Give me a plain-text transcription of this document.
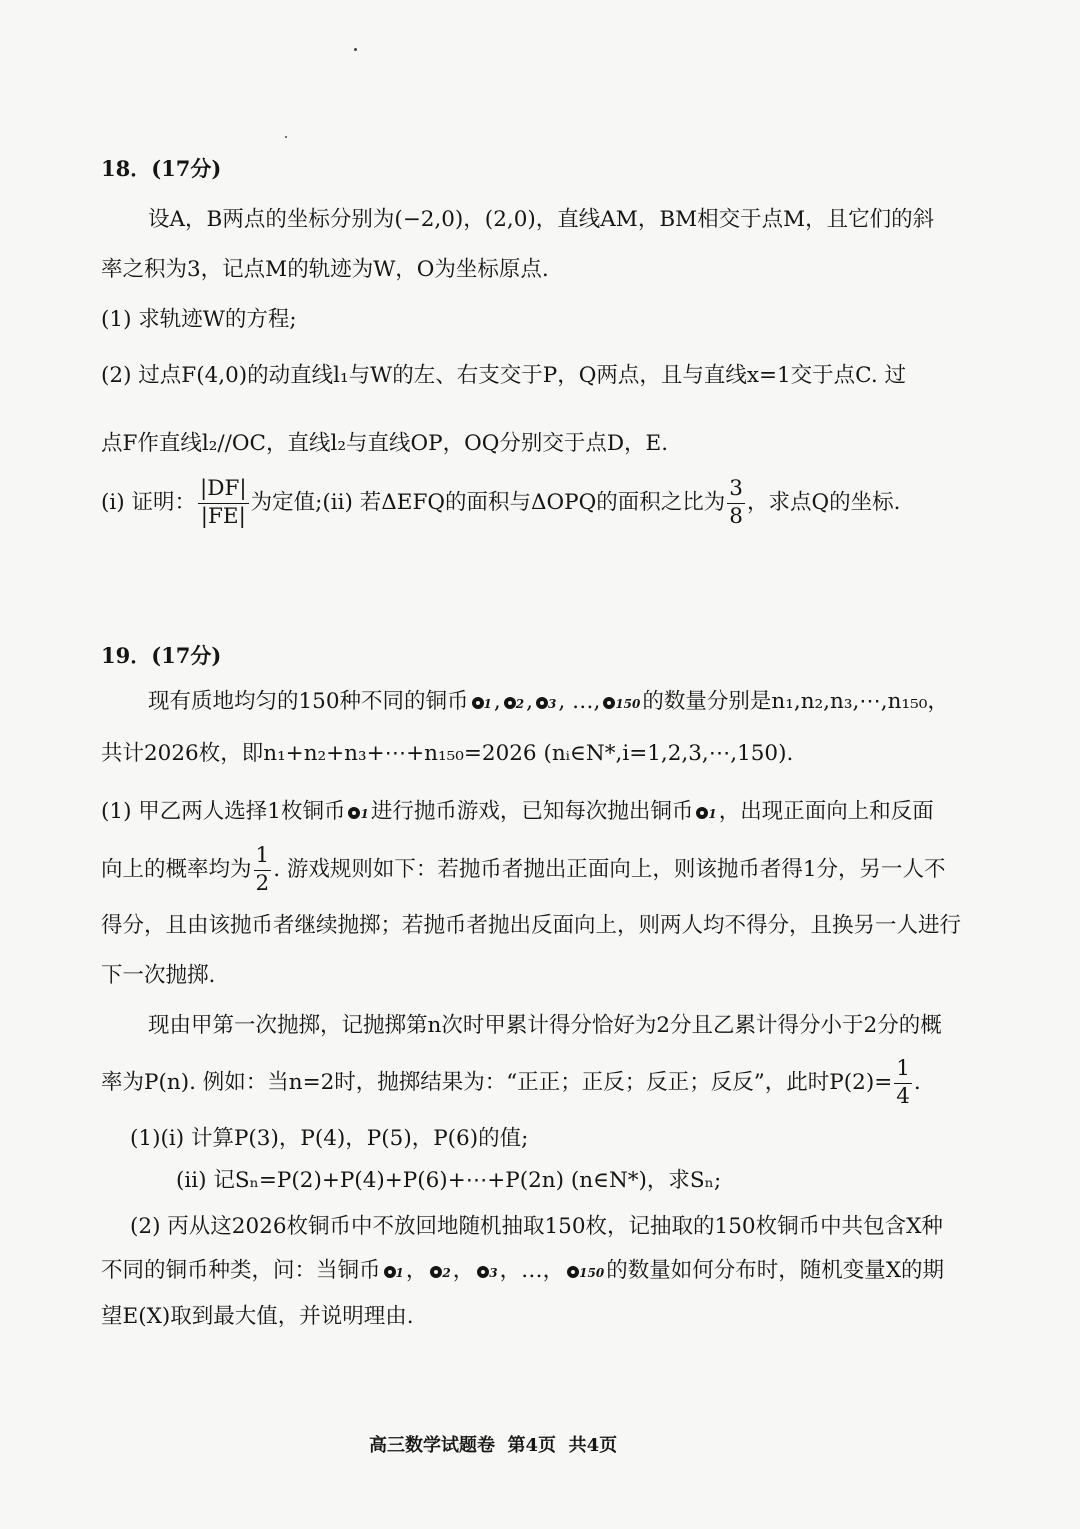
18．(17分)
设A，B两点的坐标分别为(−2,0)，(2,0)，直线AM，BM相交于点M，且它们的斜
率之积为3，记点M的轨迹为W，O为坐标原点.
(1) 求轨迹W的方程;
(2) 过点F(4,0)的动直线l₁与W的左、右支交于P，Q两点，且与直线x=1交于点C. 过
点F作直线l₂//OC，直线l₂与直线OP，OQ分别交于点D，E.
(i) 证明： $\frac{|DF|}{|FE|}$ 为定值;(ii) 若ΔEFQ的面积与ΔOPQ的面积之比为 $\frac{3}{8}$ ，求点Q的坐标.
19．(17分)
现有质地均匀的150种不同的铜币 1, 2, 3, …, 150的数量分别是n₁,n₂,n₃,⋯,n₁₅₀，
共计2026枚，即n₁+n₂+n₃+⋯+n₁₅₀=2026 (nᵢ∈N*,i=1,2,3,⋯,150).
(1) 甲乙两人选择1枚铜币 1进行抛币游戏，已知每次抛出铜币 1，出现正面向上和反面
向上的概率均为 $\frac{1}{2}$ . 游戏规则如下：若抛币者抛出正面向上，则该抛币者得1分，另一人不
得分，且由该抛币者继续抛掷；若抛币者抛出反面向上，则两人均不得分，且换另一人进行
下一次抛掷.
现由甲第一次抛掷，记抛掷第n次时甲累计得分恰好为2分且乙累计得分小于2分的概
率为P(n). 例如：当n=2时，抛掷结果为：“正正；正反；反正；反反”，此时$P(2)= \frac{1}{4}$ .
(1)(i) 计算P(3)，P(4)，P(5)，P(6)的值;
(ii) 记Sₙ=P(2)+P(4)+P(6)+⋯+P(2n) (n∈N*)，求Sₙ;
(2) 丙从这2026枚铜币中不放回地随机抽取150枚，记抽取的150枚铜币中共包含X种
不同的铜币种类，问：当铜币 1， 2， 3，…， 150的数量如何分布时，随机变量X的期
望E(X)取到最大值，并说明理由.
高三数学试题卷  第4页  共4页
